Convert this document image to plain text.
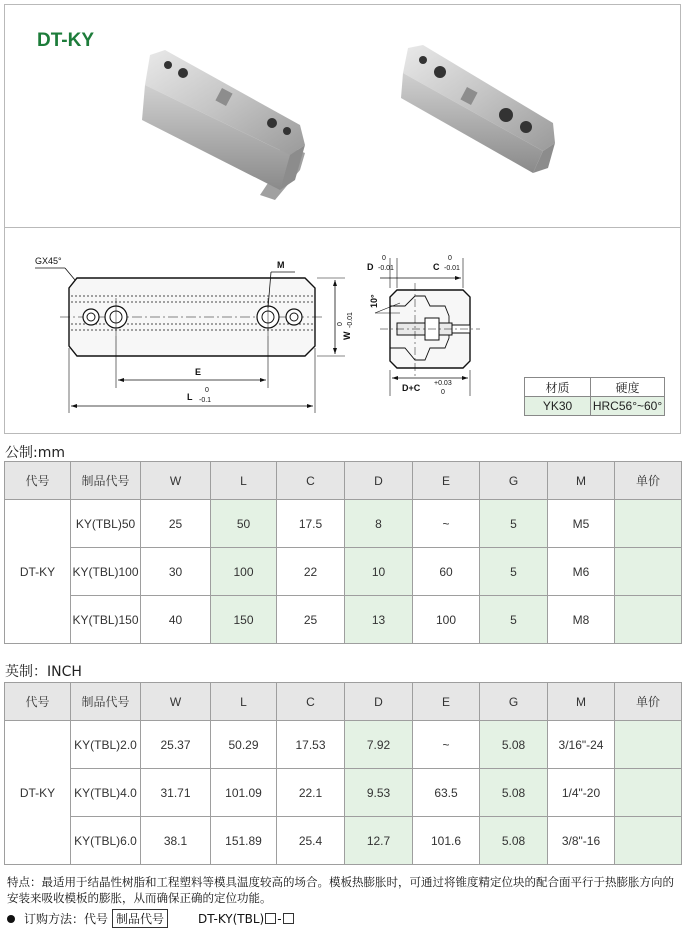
DT-KY
GX45°	M
E
L
0
-0.1
W
0 -0.01
D
0
-0.01	C
0
-0.01
10°
D+C +0.03
0	材质	硬度
YK30	HRC56°~60°
公制:mm
代号	制品代号	W	L	C	D	E	G	M	单价
DT-KY	KY(TBL)50	25	50	17.5	8	~	5	M5	
	KY(TBL)100	30	100	22	10	60	5	M6	
	KY(TBL)150	40	150	25	13	100	5	M8	
英制：INCH
代号	制品代号	W	L	C	D	E	G	M	单价
DT-KY	KY(TBL)2.0	25.37	50.29	17.53	7.92	~	5.08	3/16"-24	
	KY(TBL)4.0	31.71	101.09	22.1	9.53	63.5	5.08	1/4"-20	
	KY(TBL)6.0	38.1	151.89	25.4	12.7	101.6	5.08	3/8"-16	
特点：最适用于结晶性树脂和工程塑料等模具温度较高的场合。模板热膨胀时，可通过将锥度精定位块的配合面平行于热膨胀方向的安装来吸收模板的膨胀，从而确保正确的定位功能。
订购方法：代号 制品代号	DT-KY(TBL) -
